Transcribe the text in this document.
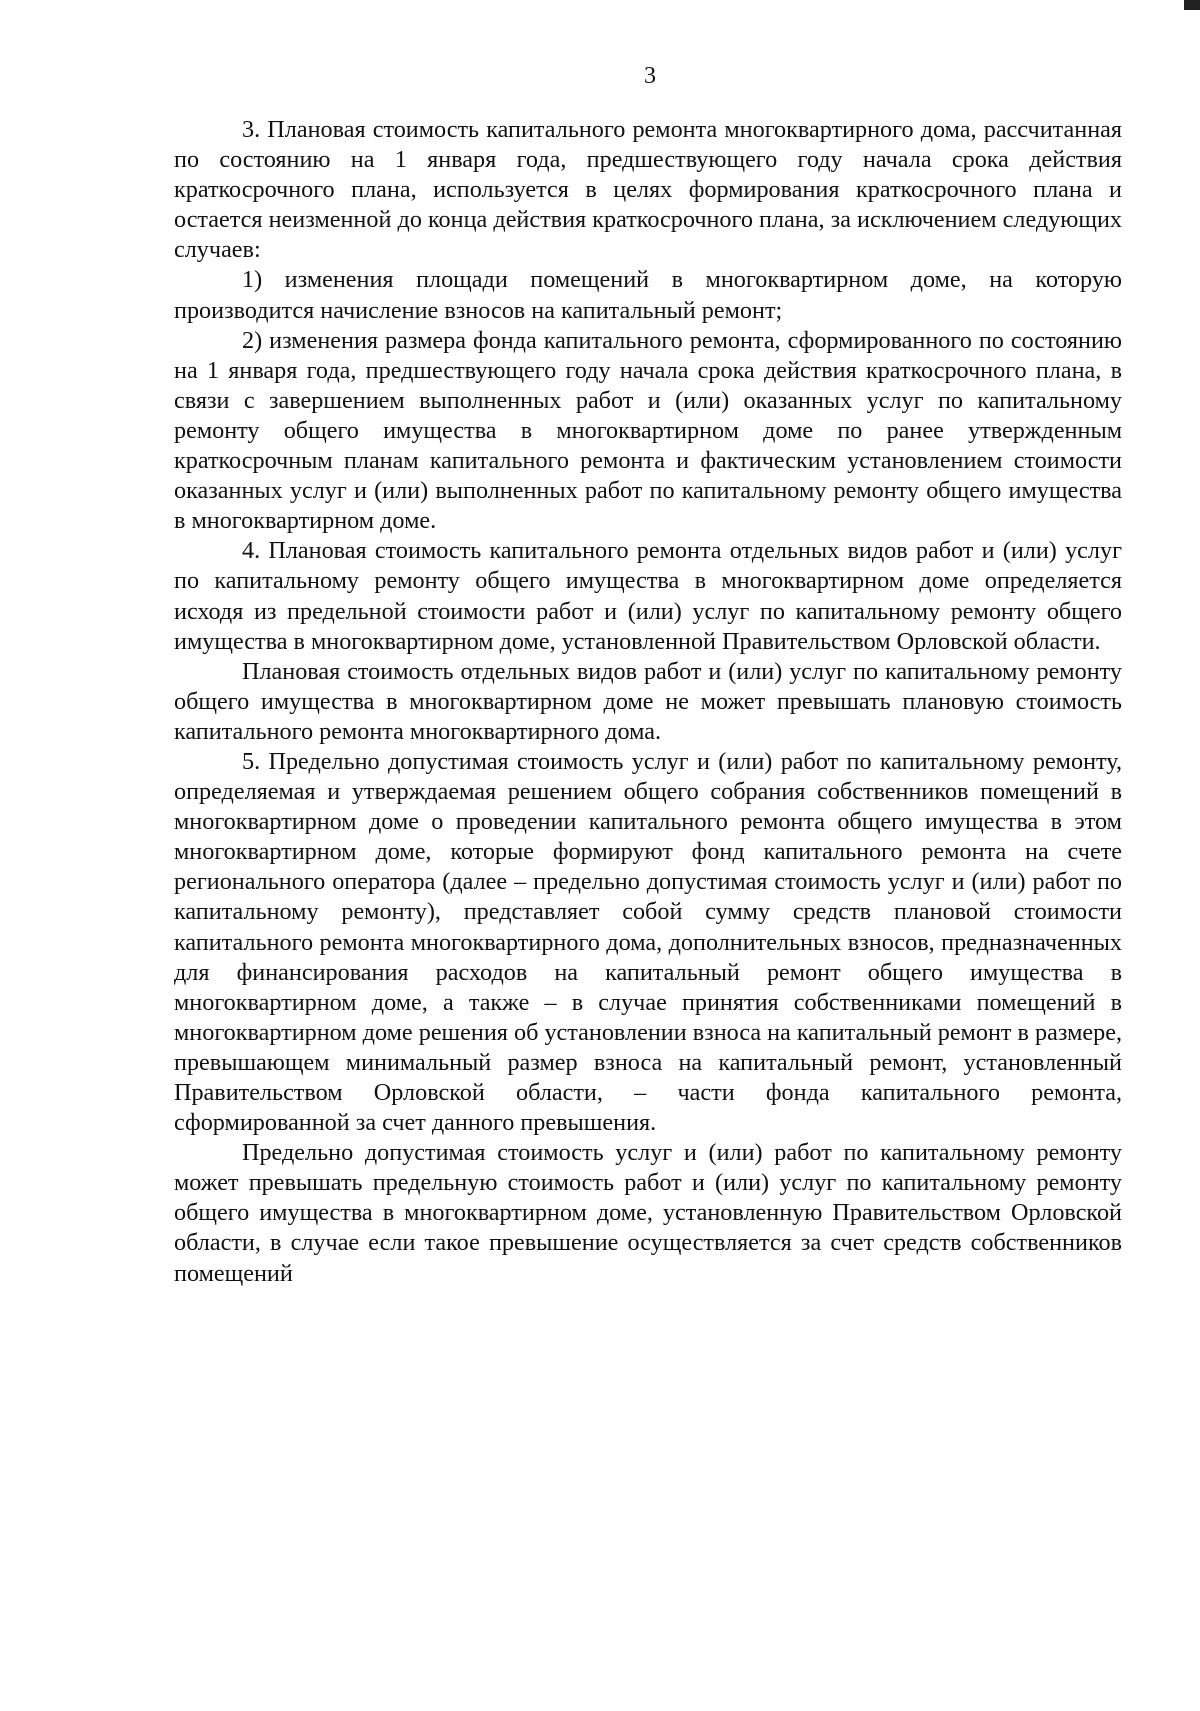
3

3. Плановая стоимость капитального ремонта многоквартирного дома, рассчитанная по состоянию на 1 января года, предшествующего году начала срока действия краткосрочного плана, используется в целях формирования краткосрочного плана и остается неизменной до конца действия краткосрочного плана, за исключением следующих случаев:

1) изменения площади помещений в многоквартирном доме, на которую производится начисление взносов на капитальный ремонт;

2) изменения размера фонда капитального ремонта, сформированного по состоянию на 1 января года, предшествующего году начала срока действия краткосрочного плана, в связи с завершением выполненных работ и (или) оказанных услуг по капитальному ремонту общего имущества в многоквартирном доме по ранее утвержденным краткосрочным планам капитального ремонта и фактическим установлением стоимости оказанных услуг и (или) выполненных работ по капитальному ремонту общего имущества в многоквартирном доме.

4. Плановая стоимость капитального ремонта отдельных видов работ и (или) услуг по капитальному ремонту общего имущества в многоквартирном доме определяется исходя из предельной стоимости работ и (или) услуг по капитальному ремонту общего имущества в многоквартирном доме, установленной Правительством Орловской области.

Плановая стоимость отдельных видов работ и (или) услуг по капитальному ремонту общего имущества в многоквартирном доме не может превышать плановую стоимость капитального ремонта многоквартирного дома.

5. Предельно допустимая стоимость услуг и (или) работ по капитальному ремонту, определяемая и утверждаемая решением общего собрания собственников помещений в многоквартирном доме о проведении капитального ремонта общего имущества в этом многоквартирном доме, которые формируют фонд капитального ремонта на счете регионального оператора (далее – предельно допустимая стоимость услуг и (или) работ по капитальному ремонту), представляет собой сумму средств плановой стоимости капитального ремонта многоквартирного дома, дополнительных взносов, предназначенных для финансирования расходов на капитальный ремонт общего имущества в многоквартирном доме, а также – в случае принятия собственниками помещений в многоквартирном доме решения об установлении взноса на капитальный ремонт в размере, превышающем минимальный размер взноса на капитальный ремонт, установленный Правительством Орловской области, – части фонда капитального ремонта, сформированной за счет данного превышения.

Предельно допустимая стоимость услуг и (или) работ по капитальному ремонту может превышать предельную стоимость работ и (или) услуг по капитальному ремонту общего имущества в многоквартирном доме, установленную Правительством Орловской области, в случае если такое превышение осуществляется за счет средств собственников помещений
